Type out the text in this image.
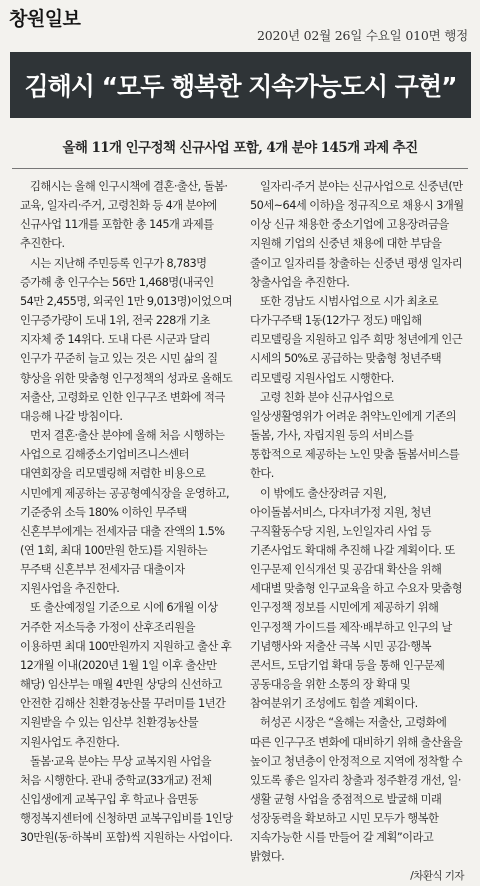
창원일보
2020년 02월 26일 수요일 010면 행정
김해시 “모두 행복한 지속가능도시 구현”
올해 11개 인구정책 신규사업 포함, 4개 분야 145개 과제 추진

김해시는 올해 인구시책에 결혼·출산, 돌봄·교육, 일자리·주거, 고령친화 등 4개 분야에 신규사업 11개를 포함한 총 145개 과제를 추진한다.

시는 지난해 주민등록 인구가 8,783명 증가해 총 인구수는 56만 1,468명(내국인 54만 2,455명, 외국인 1만 9,013명)이었으며 인구증가량이 도내 1위, 전국 228개 기초 지자체 중 14위다. 도내 다른 시군과 달리 인구가 꾸준히 늘고 있는 것은 시민 삶의 질 향상을 위한 맞춤형 인구정책의 성과로 올해도 저출산, 고령화로 인한 인구구조 변화에 적극 대응해 나갈 방침이다.

먼저 결혼·출산 분야에 올해 처음 시행하는 사업으로 김해중소기업비즈니스센터 대연회장을 리모델링해 저렴한 비용으로 시민에게 제공하는 공공형예식장을 운영하고, 기준중위 소득 180% 이하인 무주택 신혼부부에게는 전세자금 대출 잔액의 1.5%(연 1회, 최대 100만원 한도)를 지원하는 무주택 신혼부부 전세자금 대출이자 지원사업을 추진한다.

또 출산예정일 기준으로 시에 6개월 이상 거주한 저소득층 가정이 산후조리원을 이용하면 최대 100만원까지 지원하고 출산 후 12개월 이내(2020년 1월 1일 이후 출산만 해당) 임산부는 매월 4만원 상당의 신선하고 안전한 김해산 친환경농산물 꾸러미를 1년간 지원받을 수 있는 임산부 친환경농산물 지원사업도 추진한다.

돌봄·교육 분야는 무상 교복지원 사업을 처음 시행한다. 관내 중학교(33개교) 전체 신입생에게 교복구입 후 학교나 읍면동 행정복지센터에 신청하면 교복구입비를 1인당 30만원(동·하복비 포함)씩 지원하는 사업이다.

일자리·주거 분야는 신규사업으로 신중년(만 50세~64세 이하)을 정규직으로 채용시 3개월 이상 신규 채용한 중소기업에 고용장려금을 지원해 기업의 신중년 채용에 대한 부담을 줄이고 일자리를 창출하는 신중년 평생 일자리 창출사업을 추진한다.

또한 경남도 시범사업으로 시가 최초로 다가구주택 1동(12가구 정도) 매입해 리모델링을 지원하고 입주 희망 청년에게 인근 시세의 50%로 공급하는 맞춤형 청년주택 리모델링 지원사업도 시행한다.

고령 친화 분야 신규사업으로 일상생활영위가 어려운 취약노인에게 기존의 돌봄, 가사, 자립지원 등의 서비스를 통합적으로 제공하는 노인 맞춤 돌봄서비스를 한다.

이 밖에도 출산장려금 지원, 아이돌봄서비스, 다자녀가정 지원, 청년 구직활동수당 지원, 노인일자리 사업 등 기존사업도 확대해 추진해 나갈 계획이다. 또 인구문제 인식개선 및 공감대 확산을 위해 세대별 맞춤형 인구교육을 하고 수요자 맞춤형 인구정책 정보를 시민에게 제공하기 위해 인구정책 가이드를 제작·배부하고 인구의 날 기념행사와 저출산 극복 시민 공감·행복 콘서트, 도담기업 확대 등을 통해 인구문제 공동대응을 위한 소통의 장 확대 및 참여분위기 조성에도 힘쓸 계획이다.

허성곤 시장은 “올해는 저출산, 고령화에 따른 인구구조 변화에 대비하기 위해 출산율을 높이고 청년층이 안정적으로 지역에 정착할 수 있도록 좋은 일자리 창출과 정주환경 개선, 일·생활 균형 사업을 중점적으로 발굴해 미래 성장동력을 확보하고 시민 모두가 행복한 지속가능한 시를 만들어 갈 계획”이라고 밝혔다.

/차환식 기자
